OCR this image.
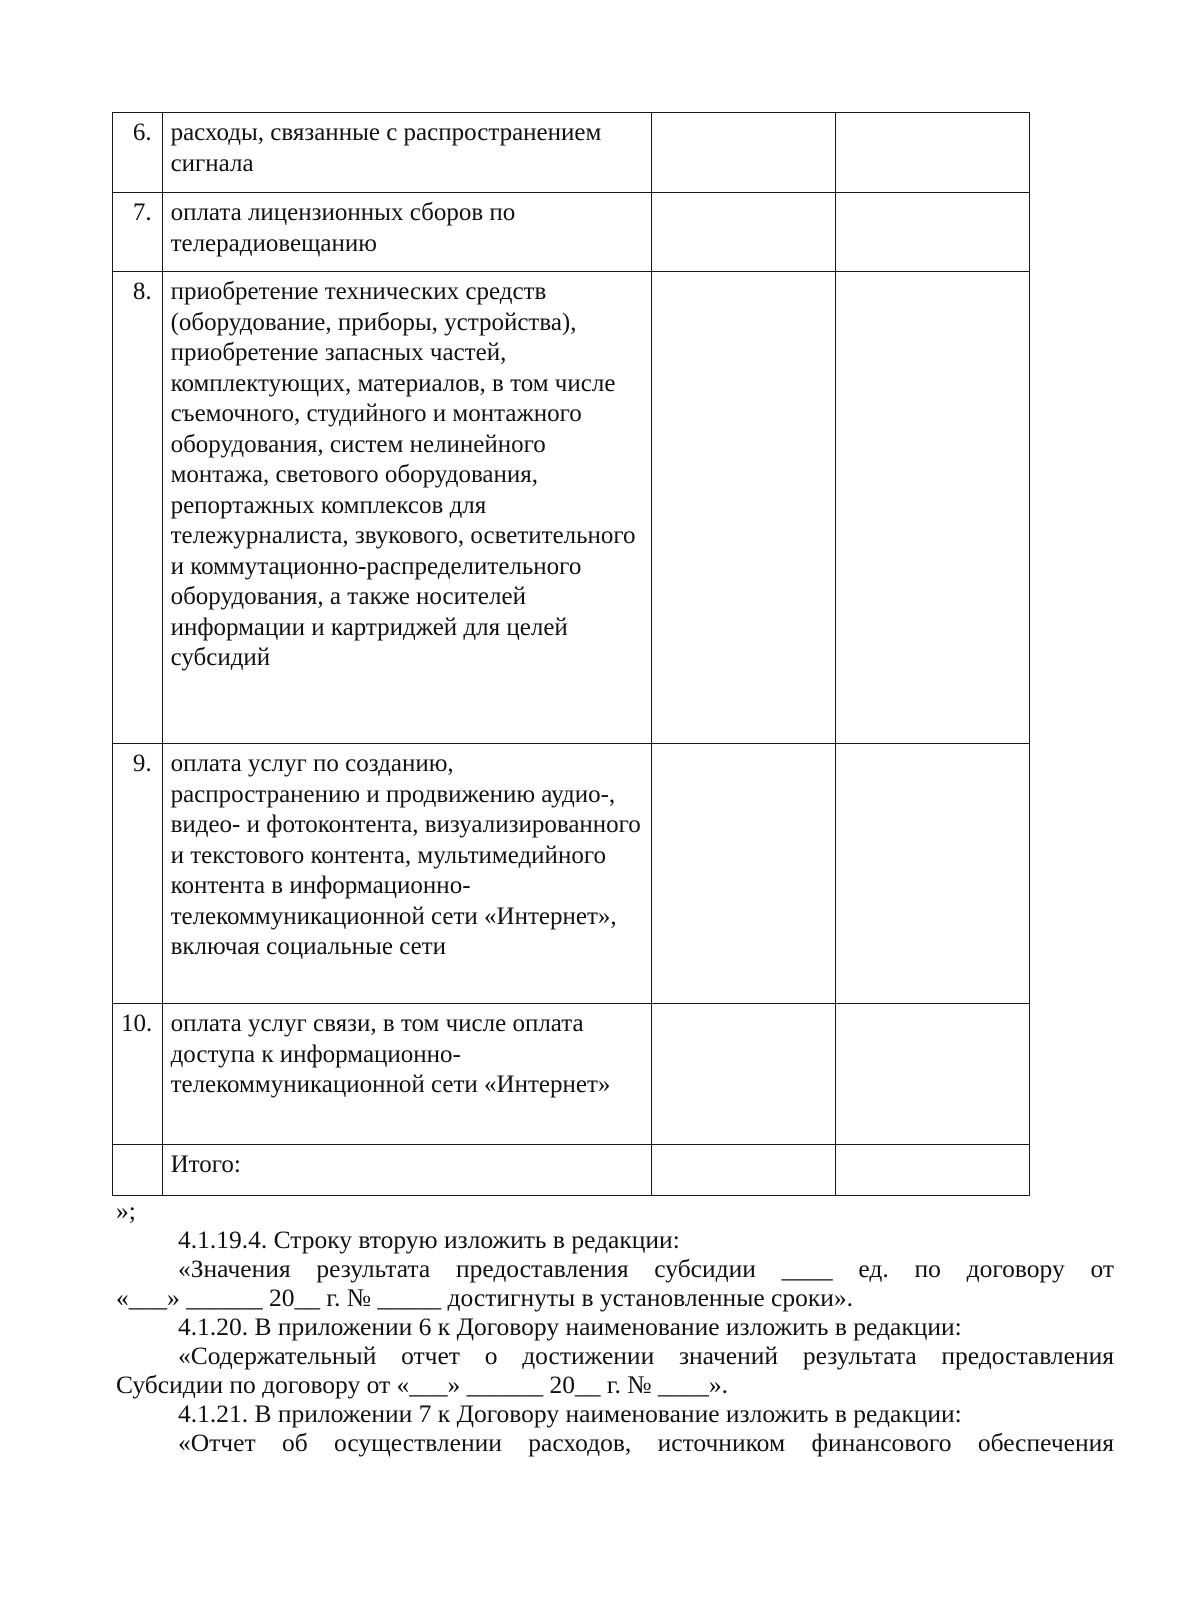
6.	расходы, связанные с распространением сигнала		
7.	оплата лицензионных сборов по телерадиовещанию		
8.	приобретение технических средств (оборудование, приборы, устройства), приобретение запасных частей, комплектующих, материалов, в том числе съемочного, студийного и монтажного оборудования, систем нелинейного монтажа, светового оборудования, репортажных комплексов для тележурналиста, звукового, осветительного и коммутационно-распределительного оборудования, а также носителей информации и картриджей для целей субсидий		
9.	оплата услуг по созданию, распространению и продвижению аудио-, видео- и фотоконтента, визуализированного и текстового контента, мультимедийного контента в информационно-телекоммуникационной сети «Интернет», включая социальные сети		
10.	оплата услуг связи, в том числе оплата доступа к информационно-телекоммуникационной сети «Интернет»		
	Итого:		
»;
4.1.19.4. Строку вторую изложить в редакции:
«Значения результата предоставления субсидии ____ ед. по договору от
«___» ______ 20__ г. № _____ достигнуты в установленные сроки».
4.1.20. В приложении 6 к Договору наименование изложить в редакции:
«Содержательный отчет о достижении значений результата предоставления
Субсидии по договору от «___» ______ 20__ г. № ____».
4.1.21. В приложении 7 к Договору наименование изложить в редакции:
«Отчет об осуществлении расходов, источником финансового обеспечения
